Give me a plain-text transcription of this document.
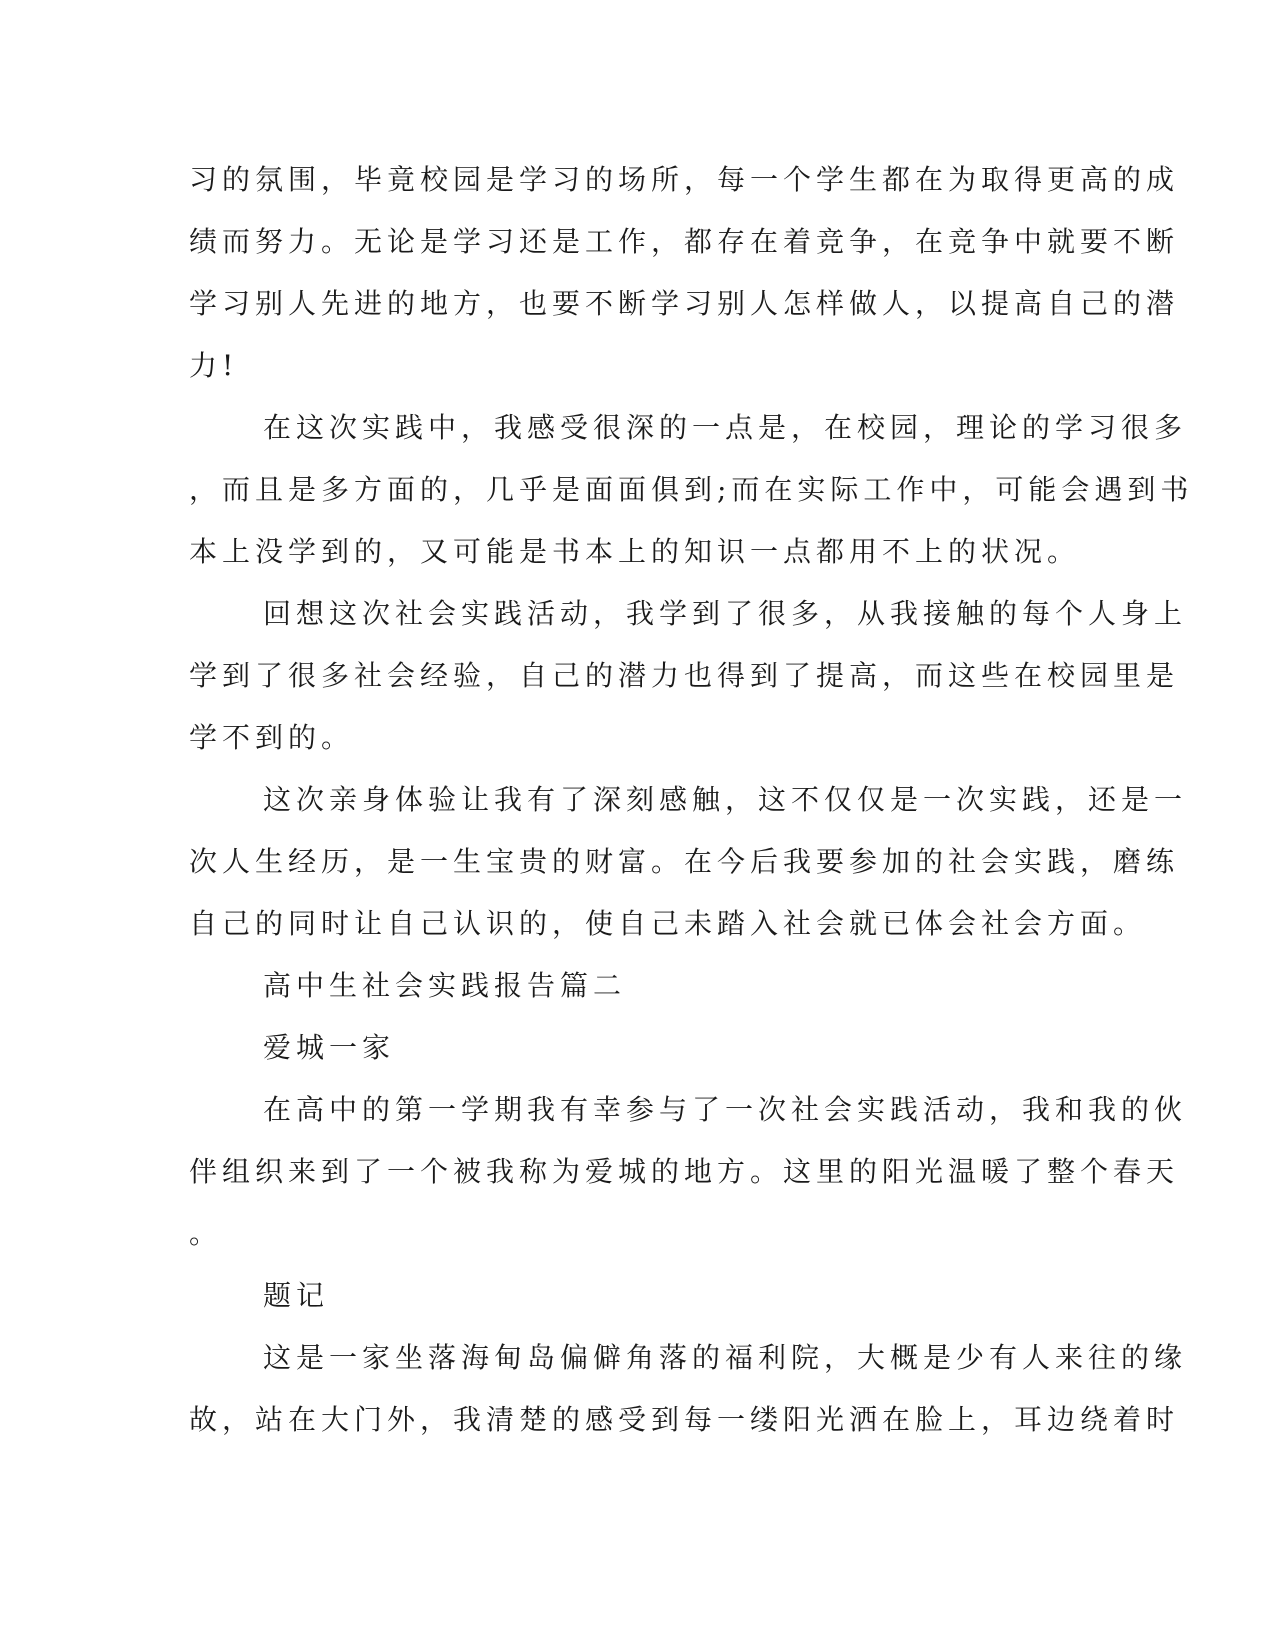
习的氛围，毕竟校园是学习的场所，每一个学生都在为取得更高的成
绩而努力。无论是学习还是工作，都存在着竞争，在竞争中就要不断
学习别人先进的地方，也要不断学习别人怎样做人，以提高自己的潜
力!
在这次实践中，我感受很深的一点是，在校园，理论的学习很多
，而且是多方面的，几乎是面面俱到;而在实际工作中，可能会遇到书
本上没学到的，又可能是书本上的知识一点都用不上的状况。
回想这次社会实践活动，我学到了很多，从我接触的每个人身上
学到了很多社会经验，自己的潜力也得到了提高，而这些在校园里是
学不到的。
这次亲身体验让我有了深刻感触，这不仅仅是一次实践，还是一
次人生经历，是一生宝贵的财富。在今后我要参加的社会实践，磨练
自己的同时让自己认识的，使自己未踏入社会就已体会社会方面。
高中生社会实践报告篇二
爱城一家
在高中的第一学期我有幸参与了一次社会实践活动，我和我的伙
伴组织来到了一个被我称为爱城的地方。这里的阳光温暖了整个春天
。
题记
这是一家坐落海甸岛偏僻角落的福利院，大概是少有人来往的缘
故，站在大门外，我清楚的感受到每一缕阳光洒在脸上，耳边绕着时
